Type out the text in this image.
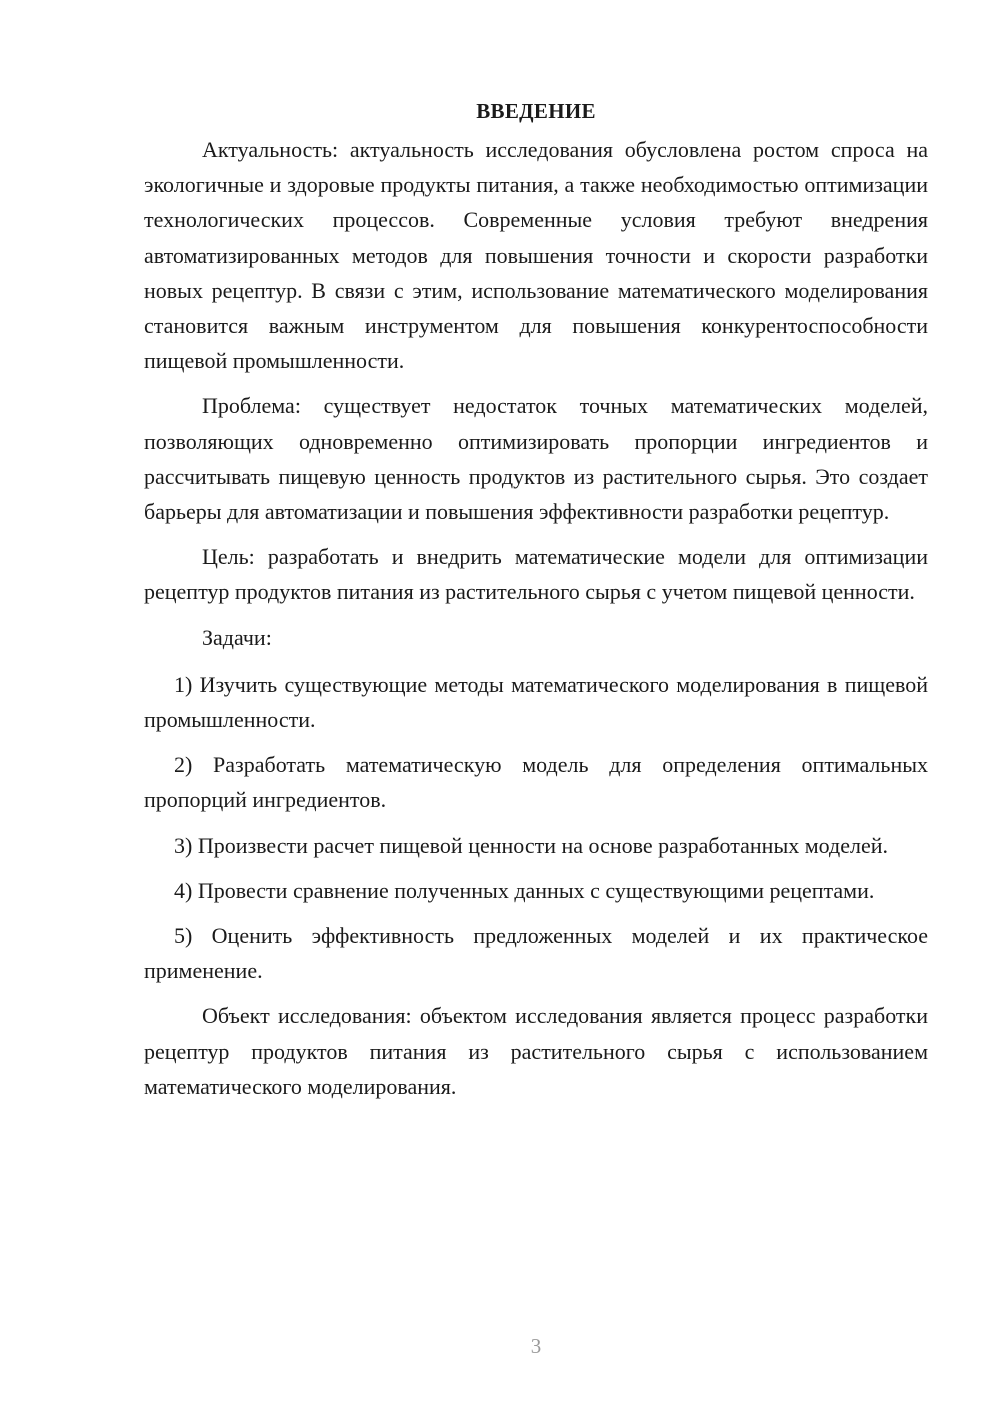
ВВЕДЕНИЕ

Актуальность: актуальность исследования обусловлена ростом спроса на экологичные и здоровые продукты питания, а также необходимостью оптимизации технологических процессов. Современные условия требуют внедрения автоматизированных методов для повышения точности и скорости разработки новых рецептур. В связи с этим, использование математического моделирования становится важным инструментом для повышения конкурентоспособности пищевой промышленности.

Проблема: существует недостаток точных математических моделей, позволяющих одновременно оптимизировать пропорции ингредиентов и рассчитывать пищевую ценность продуктов из растительного сырья. Это создает барьеры для автоматизации и повышения эффективности разработки рецептур.

Цель: разработать и внедрить математические модели для оптимизации рецептур продуктов питания из растительного сырья с учетом пищевой ценности.

Задачи:

1) Изучить существующие методы математического моделирования в пищевой промышленности.

2) Разработать математическую модель для определения оптимальных пропорций ингредиентов.

3) Произвести расчет пищевой ценности на основе разработанных моделей.

4) Провести сравнение полученных данных с существующими рецептами.

5) Оценить эффективность предложенных моделей и их практическое применение.

Объект исследования: объектом исследования является процесс разработки рецептур продуктов питания из растительного сырья с использованием математического моделирования.

3
